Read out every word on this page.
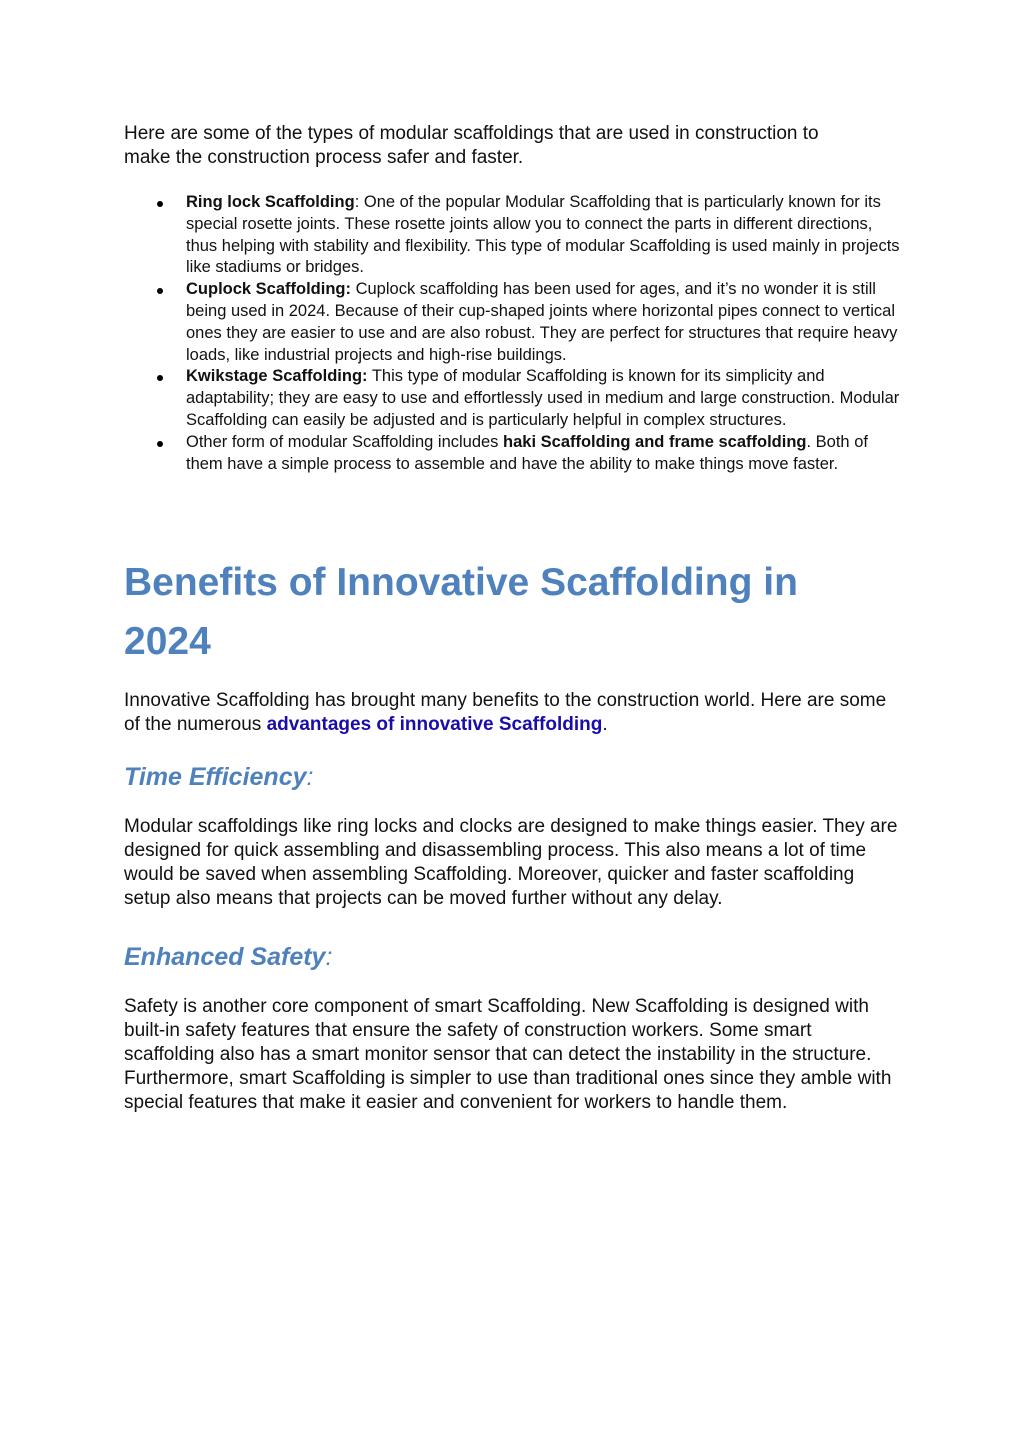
Here are some of the types of modular scaffoldings that are used in construction to
make the construction process safer and faster.

Ring lock Scaffolding: One of the popular Modular Scaffolding that is particularly known for its special rosette joints. These rosette joints allow you to connect the parts in different directions, thus helping with stability and flexibility. This type of modular Scaffolding is used mainly in projects like stadiums or bridges.
Cuplock Scaffolding: Cuplock scaffolding has been used for ages, and it’s no wonder it is still being used in 2024. Because of their cup-shaped joints where horizontal pipes connect to vertical ones they are easier to use and are also robust. They are perfect for structures that require heavy loads, like industrial projects and high-rise buildings.
Kwikstage Scaffolding: This type of modular Scaffolding is known for its simplicity and adaptability; they are easy to use and effortlessly used in medium and large construction. Modular Scaffolding can easily be adjusted and is particularly helpful in complex structures.
Other form of modular Scaffolding includes haki Scaffolding and frame scaffolding. Both of them have a simple process to assemble and have the ability to make things move faster.
Benefits of Innovative Scaffolding in
2024

Innovative Scaffolding has brought many benefits to the construction world. Here are some of the numerous advantages of innovative Scaffolding.

Time Efficiency:

Modular scaffoldings like ring locks and clocks are designed to make things easier. They are designed for quick assembling and disassembling process. This also means a lot of time would be saved when assembling Scaffolding. Moreover, quicker and faster scaffolding setup also means that projects can be moved further without any delay.

Enhanced Safety:

Safety is another core component of smart Scaffolding. New Scaffolding is designed with built-in safety features that ensure the safety of construction workers. Some smart scaffolding also has a smart monitor sensor that can detect the instability in the structure. Furthermore, smart Scaffolding is simpler to use than traditional ones since they amble with special features that make it easier and convenient for workers to handle them.
